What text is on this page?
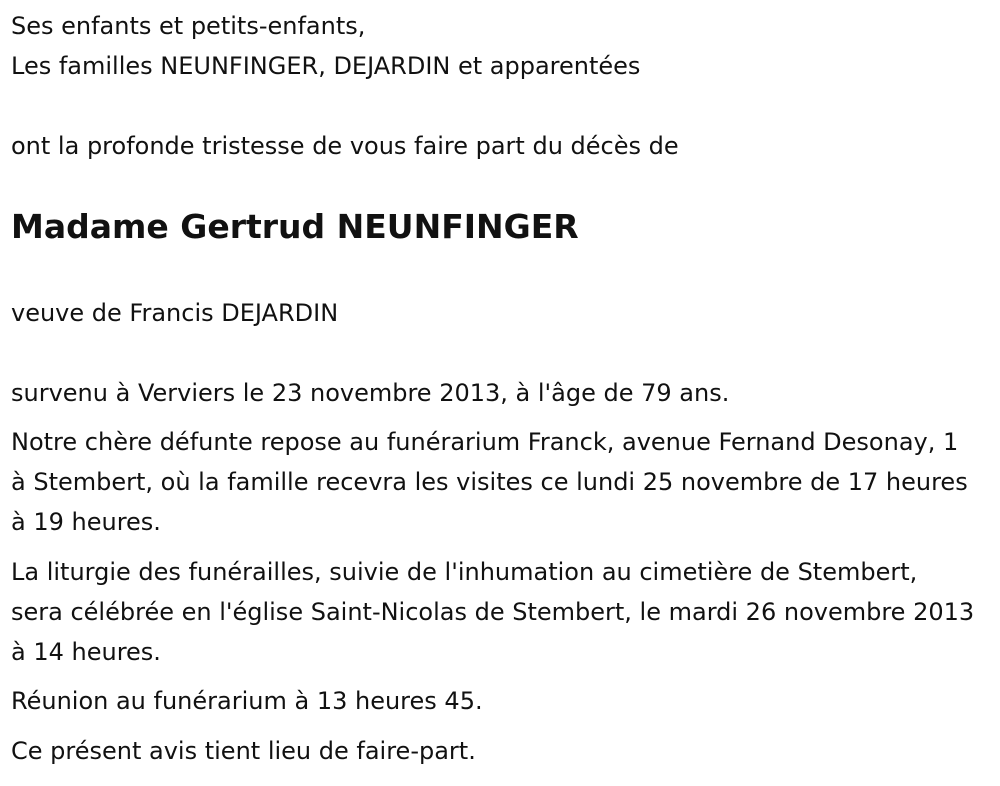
Ses enfants et petits-enfants,

Les familles NEUNFINGER, DEJARDIN et apparentées

ont la profonde tristesse de vous faire part du décès de

Madame Gertrud NEUNFINGER

veuve de Francis DEJARDIN

survenu à Verviers le 23 novembre 2013, à l'âge de 79 ans.

Notre chère défunte repose au funérarium Franck, avenue Fernand Desonay, 1 à Stembert, où la famille recevra les visites ce lundi 25 novembre de 17 heures à 19 heures.

La liturgie des funérailles, suivie de l'inhumation au cimetière de Stembert, sera célébrée en l'église Saint-Nicolas de Stembert, le mardi 26 novembre 2013 à 14 heures.

Réunion au funérarium à 13 heures 45.

Ce présent avis tient lieu de faire-part.
